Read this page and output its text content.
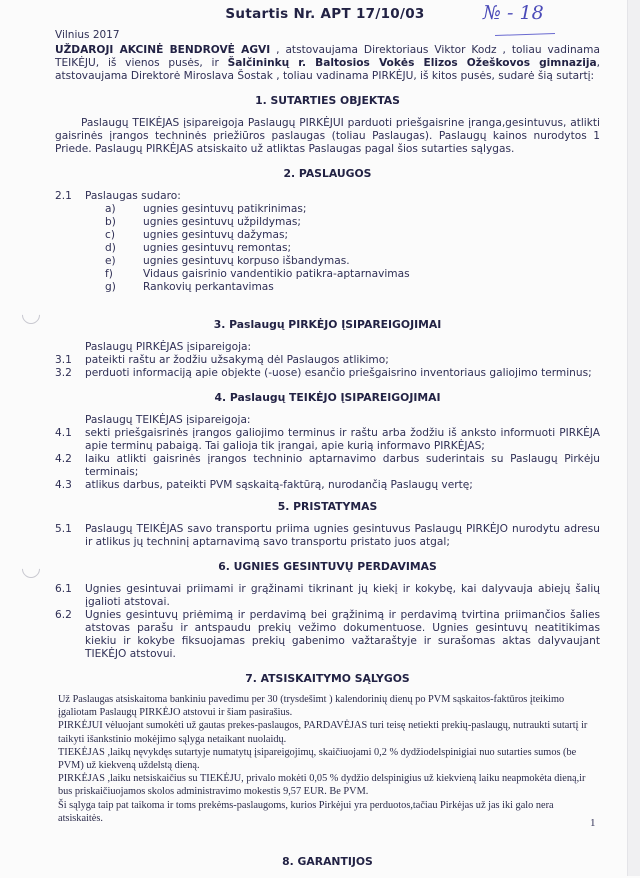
Sutartis Nr. APT 17/10/03	№ - 18
Vilnius 2017

UŽDAROJI AKCINĖ BENDROVĖ AGVI , atstovaujama Direktoriaus Viktor Kodz , toliau vadinama TEIKĖJU, iš vienos pusės, ir Šalčininkų r. Baltosios Vokės Elizos Ožeškovos gimnazija, atstovaujama Direktorė Miroslava Šostak , toliau vadinama PIRKĖJU, iš kitos pusės, sudarė šią sutartį:

1. SUTARTIES OBJEKTAS

Paslaugų TEIKĖJAS įsipareigoja Paslaugų PIRKĖJUI parduoti priešgaisrine įranga,gesintuvus, atlikti gaisrinės įrangos techninės priežiūros paslaugas (toliau Paslaugas). Paslaugų kainos nurodytos 1 Priede. Paslaugų PIRKĖJAS atsiskaito už atliktas Paslaugas pagal šios sutarties sąlygas.

2. PASLAUGOS
2.1	Paslaugas sudaro:
a)	ugnies gesintuvų patikrinimas;
b)	ugnies gesintuvų užpildymas;
c)	ugnies gesintuvų dažymas;
d)	ugnies gesintuvų remontas;
e)	ugnies gesintuvų korpuso išbandymas.
f)	Vidaus gaisrinio vandentikio patikra-aptarnavimas
g)	Rankovių perkantavimas
3. Paslaugų PIRKĖJO ĮSIPAREIGOJIMAI
Paslaugų PIRKĖJAS įsipareigoja:
3.1	pateikti raštu ar žodžiu užsakymą dėl Paslaugos atlikimo;
3.2	perduoti informaciją apie objekte (-uose) esančio priešgaisrino inventoriaus galiojimo terminus;
4. Paslaugų TEIKĖJO ĮSIPAREIGOJIMAI
Paslaugų TEIKĖJAS įsipareigoja:
4.1	sekti priešgaisrinės įrangos galiojimo terminus ir raštu arba žodžiu iš anksto informuoti PIRKĖJA apie terminų pabaigą. Tai galioja tik įrangai, apie kurią informavo PIRKĖJAS;
4.2	laiku atlikti gaisrinės įrangos techninio aptarnavimo darbus suderintais su Paslaugų Pirkėju terminais;
4.3	atlikus darbus, pateikti PVM sąskaitą-faktūrą, nurodančią Paslaugų vertę;
5. PRISTATYMAS
5.1	Paslaugų TEIKĖJAS savo transportu priima ugnies gesintuvus Paslaugų PIRKĖJO nurodytu adresu ir atlikus jų techninį aptarnavimą savo transportu pristato juos atgal;
6. UGNIES GESINTUVŲ PERDAVIMAS
6.1	Ugnies gesintuvai priimami ir grąžinami tikrinant jų kiekį ir kokybę, kai dalyvauja abiejų šalių įgalioti atstovai.
6.2	Ugnies gesintuvų priėmimą ir perdavimą bei grąžinimą ir perdavimą tvirtina priimančios šalies atstovas parašu ir antspaudu prekių vežimo dokumentuose. Ugnies gesintuvų neatitikimas kiekiu ir kokybe fiksuojamas prekių gabenimo važtaraštyje ir surašomas aktas dalyvaujant TIEKĖJO atstovui.
7. ATSISKAITYMO SĄLYGOS

Už Paslaugas atsiskaitoma bankiniu pavedimu per 30 (trysdešimt ) kalendorinių dienų po PVM sąskaitos-faktūros įteikimo įgaliotam Paslaugų PIRKĖJO atstovui ir šiam pasirašius.

PIRKĖJUI vėluojant sumokėti už gautas prekes-paslaugos, PARDAVĖJAS turi teisę netiekti prekių-paslaugų, nutraukti sutartį ir taikyti išankstinio mokėjimo sąlyga netaikant nuolaidų.

TIEKĖJAS ,laikų nęvykdęs sutartyje numatytų įsipareigojimų, skaičiuojami 0,2 % dydžiodelspinigiai nuo sutarties sumos (be PVM) už kiekveną uždelstą dieną.

PIRKĖJAS ,laiku netsiskaičius su TIEKĖJU, privalo mokėti 0,05 % dydžio delspinigius už kiekvieną laiku neapmokėta dieną,ir bus priskaičiuojamos skolos administravimo mokestis 9,57 EUR. Be PVM.

Ši sąlyga taip pat taikoma ir toms prekėms-paslaugoms, kurios Pirkėjui yra perduotos,tačiau Pirkėjas už jas iki galo nera atsiskaitės.

8. GARANTIJOS
1
